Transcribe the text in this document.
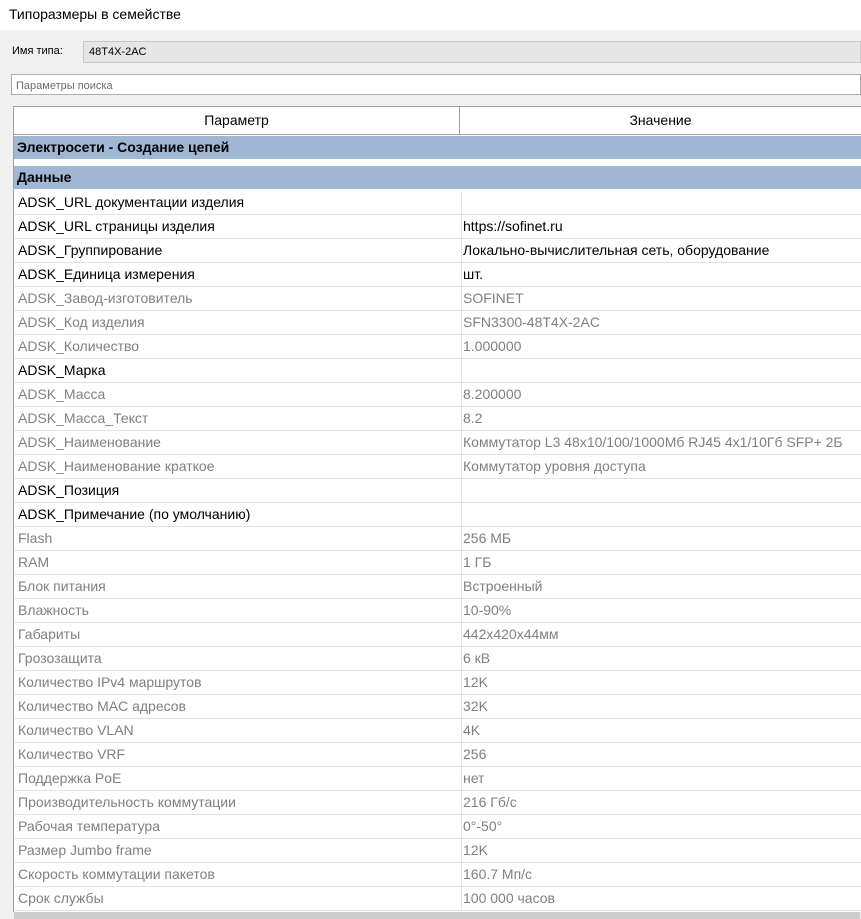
Типоразмеры в семействе
Имя типа:	48T4X-2AC
Параметры поиска
Параметр	Значение
Электросети - Создание цепей
Данные
ADSK_URL документации изделия
ADSK_URL страницы изделия	https://sofinet.ru
ADSK_Группирование	Локально-вычислительная сеть, оборудование
ADSK_Единица измерения	шт.
ADSK_Завод-изготовитель	SOFINET
ADSK_Код изделия	SFN3300-48T4X-2AC
ADSK_Количество	1.000000
ADSK_Марка
ADSK_Масса	8.200000
ADSK_Масса_Текст	8.2
ADSK_Наименование	Коммутатор L3 48х10/100/1000Мб RJ45 4х1/10Гб SFP+ 2Б
ADSK_Наименование краткое	Коммутатор уровня доступа
ADSK_Позиция
ADSK_Примечание (по умолчанию)
Flash	256 МБ
RAM	1 ГБ
Блок питания	Встроенный
Влажность	10-90%
Габариты	442х420х44мм
Грозозащита	6 кВ
Количество IPv4 маршрутов	12K
Количество MAC адресов	32K
Количество VLAN	4K
Количество VRF	256
Поддержка PoE	нет
Производительность коммутации	216 Гб/с
Рабочая температура	0°-50°
Размер Jumbo frame	12K
Скорость коммутации пакетов	160.7 Мп/с
Срок службы	100 000 часов
